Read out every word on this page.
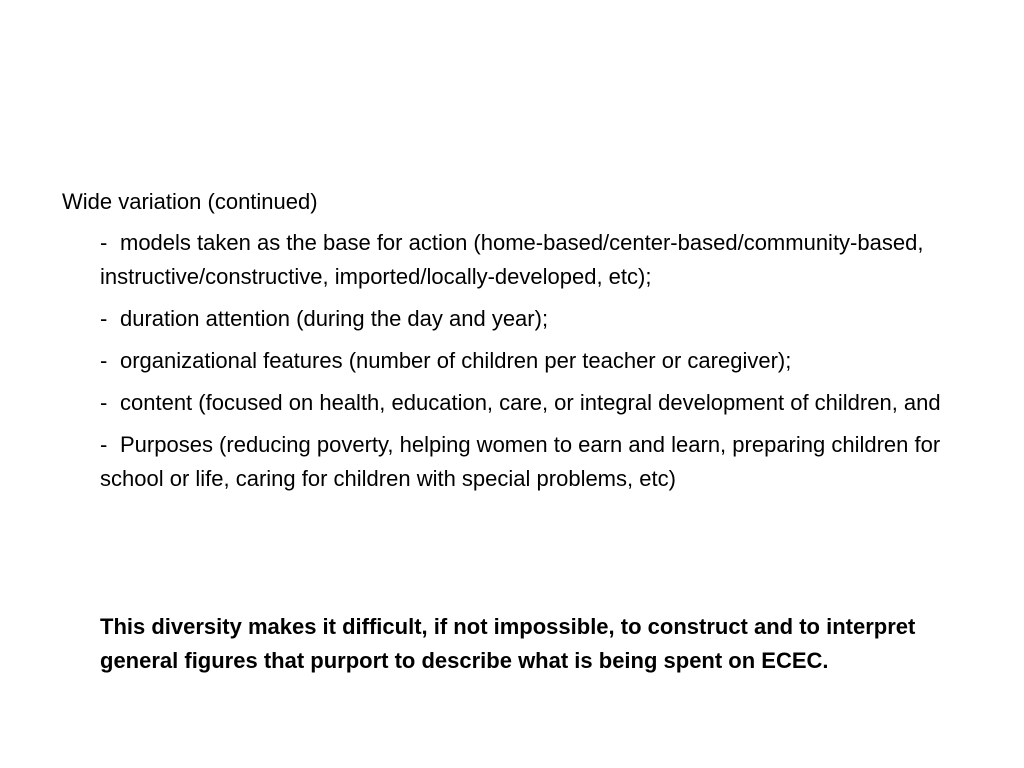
Wide variation (continued)
- models taken as the base for action (home-based/center-based/community-based, instructive/constructive, imported/locally-developed, etc);
- duration attention (during the day and year);
- organizational features (number of children per teacher or caregiver);
- content (focused on health, education, care, or integral development of children, and
- Purposes (reducing poverty, helping women to earn and learn, preparing children for school or life, caring for children with special problems, etc)

This diversity makes it difficult, if not impossible, to construct and to interpret general figures that purport to describe what is being spent on ECEC.
